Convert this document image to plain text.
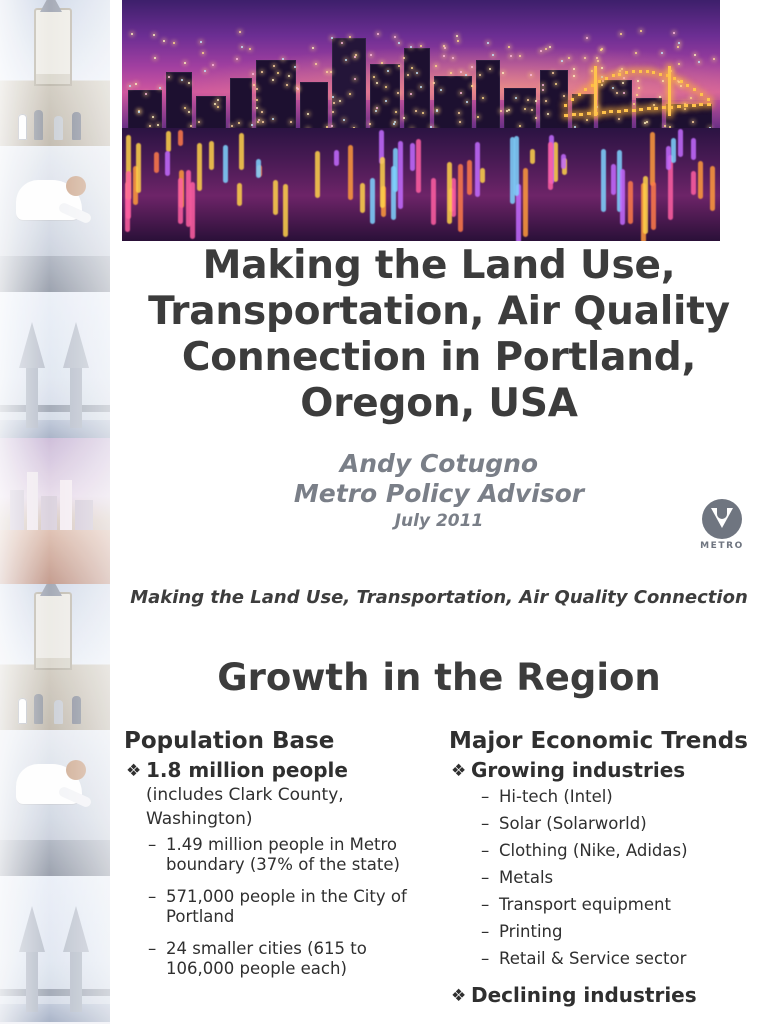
Making the Land Use, Transportation, Air Quality Connection in Portland, Oregon, USA
Andy Cotugno
Metro Policy Advisor
July 2011
METRO
Making the Land Use, Transportation, Air Quality Connection
Growth in the Region
Population Base
❖ 1.8 million people
(includes Clark County, Washington)
– 1.49 million people in Metro boundary (37% of the state)
– 571,000 people in the City of Portland
– 24 smaller cities (615 to 106,000 people each)
Major Economic Trends
❖ Growing industries
– Hi-tech (Intel)
– Solar (Solarworld)
– Clothing (Nike, Adidas)
– Metals
– Transport equipment
– Printing
– Retail & Service sector
❖ Declining industries
